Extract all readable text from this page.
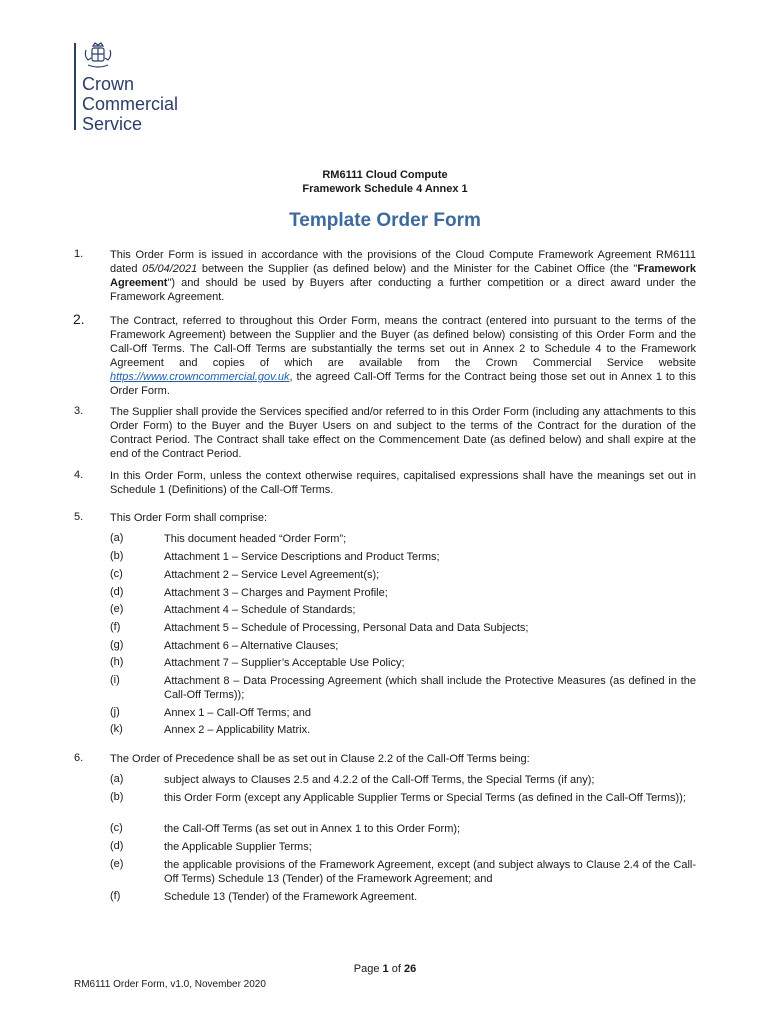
Crown
Commercial
Service
RM6111 Cloud Compute
Framework Schedule 4 Annex 1
Template Order Form
1. This Order Form is issued in accordance with the provisions of the Cloud Compute Framework Agreement RM6111 dated 05/04/2021 between the Supplier (as defined below) and the Minister for the Cabinet Office (the "Framework Agreement") and should be used by Buyers after conducting a further competition or a direct award under the Framework Agreement.
2. The Contract, referred to throughout this Order Form, means the contract (entered into pursuant to the terms of the Framework Agreement) between the Supplier and the Buyer (as defined below) consisting of this Order Form and the Call-Off Terms. The Call-Off Terms are substantially the terms set out in Annex 2 to Schedule 4 to the Framework Agreement and copies of which are available from the Crown Commercial Service website https://www.crowncommercial.gov.uk, the agreed Call-Off Terms for the Contract being those set out in Annex 1 to this Order Form.
3. The Supplier shall provide the Services specified and/or referred to in this Order Form (including any attachments to this Order Form) to the Buyer and the Buyer Users on and subject to the terms of the Contract for the duration of the Contract Period. The Contract shall take effect on the Commencement Date (as defined below) and shall expire at the end of the Contract Period.
4. In this Order Form, unless the context otherwise requires, capitalised expressions shall have the meanings set out in Schedule 1 (Definitions) of the Call-Off Terms.
5. This Order Form shall comprise:
(a)	This document headed “Order Form”;
(b)	Attachment 1 – Service Descriptions and Product Terms;
(c)	Attachment 2 – Service Level Agreement(s);
(d)	Attachment 3 – Charges and Payment Profile;
(e)	Attachment 4 – Schedule of Standards;
(f)	Attachment 5 – Schedule of Processing, Personal Data and Data Subjects;
(g)	Attachment 6 – Alternative Clauses;
(h)	Attachment 7 – Supplier’s Acceptable Use Policy;
(i)	Attachment 8 – Data Processing Agreement (which shall include the Protective Measures (as defined in the Call-Off Terms));
(j)	Annex 1 – Call-Off Terms; and
(k)	Annex 2 – Applicability Matrix.
6. The Order of Precedence shall be as set out in Clause 2.2 of the Call-Off Terms being:
(a)	subject always to Clauses 2.5 and 4.2.2 of the Call-Off Terms, the Special Terms (if any);
(b)	this Order Form (except any Applicable Supplier Terms or Special Terms (as defined in the Call-Off Terms));
(c)	the Call-Off Terms (as set out in Annex 1 to this Order Form);
(d)	the Applicable Supplier Terms;
(e)	the applicable provisions of the Framework Agreement, except (and subject always to Clause 2.4 of the Call-Off Terms) Schedule 13 (Tender) of the Framework Agreement; and
(f)	Schedule 13 (Tender) of the Framework Agreement.
Page 1 of 26
RM6111 Order Form, v1.0, November 2020
